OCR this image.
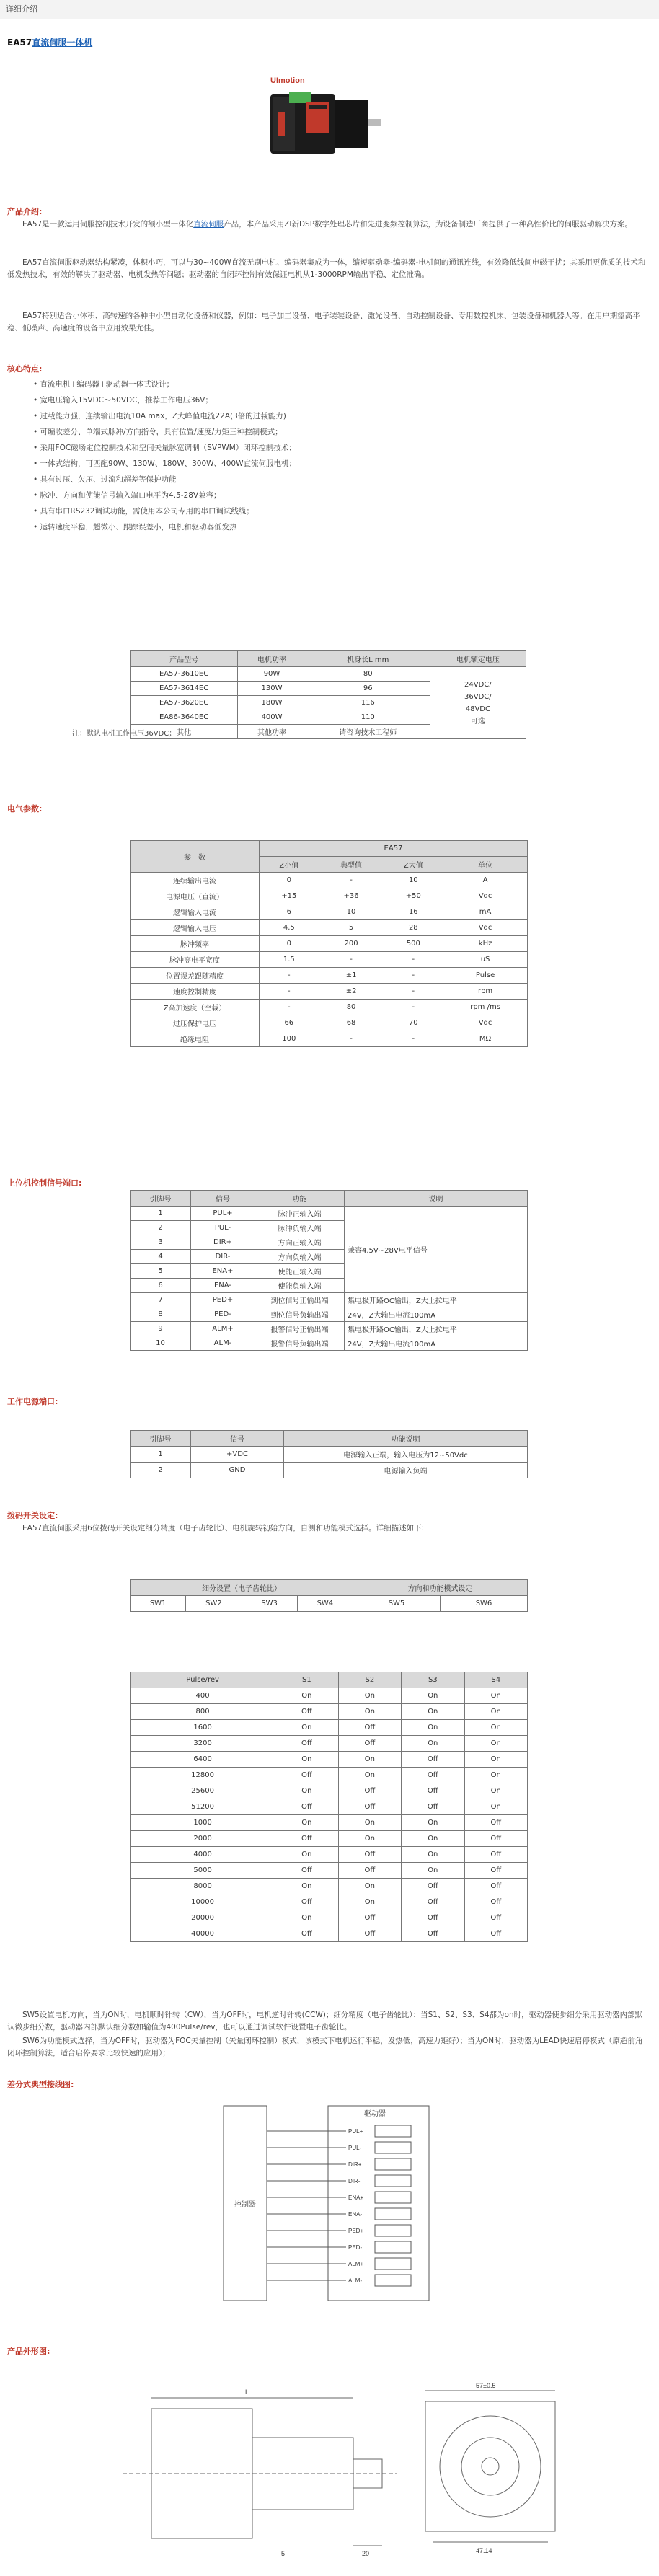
详细介绍
EA57直流伺服一体机
UImotion
产品介绍:
EA57是一款运用伺服控制技术开发的额小型一体化直流伺服产品，本产品采用ZI新DSP数字处理芯片和先进变频控制算法，为设备制造厂商提供了一种高性价比的伺服驱动解决方案。
EA57直流伺服驱动器结构紧凑，体积小巧，可以与30~400W直流无刷电机、编码器集成为一体，缩短驱动器-编码器-电机间的通讯连线，有效降低线间电磁干扰；其采用更优质的技术和低发热技术，有效的解决了驱动器、电机发热等问题；驱动器的自闭环控制有效保证电机从1-3000RPM输出平稳、定位准确。
EA57特别适合小体积、高转速的各种中小型自动化设备和仪器，例如：电子加工设备、电子装装设备、激光设备、自动控制设备、专用数控机床、包装设备和机器人等。在用户期望高平稳、低噪声、高速度的设备中应用效果尤佳。
核心特点:
• 直流电机+编码器+驱动器一体式设计；
• 宽电压输入15VDC～50VDC，推荐工作电压36V；
• 过载能力强，连续输出电流10A max，Z大峰值电流22A(3倍的过载能力)
• 可编收差分、单端式脉冲/方向指令，具有位置/速度/力矩三种控制模式；
• 采用FOC磁场定位控制技术和空间矢量脉宽调制（SVPWM）闭环控制技术；
• 一体式结构，可匹配90W、130W、180W、300W、400W直流伺服电机；
• 具有过压、欠压、过流和超差等保护功能
• 脉冲、方向和使能信号输入端口电平为4.5-28V兼容；
• 具有串口RS232调试功能，需使用本公司专用的串口调试线缆；
• 运转速度平稳，超微小、跟踪误差小，电机和驱动器低发热
产品型号	电机功率	机身长L mm	电机额定电压
EA57-3610EC	90W	80	24VDC/
36VDC/
48VDC
可选

EA57-3614EC	130W	96	
EA57-3620EC	180W	116	
EA86-3640EC	400W	110	
其他	其他功率	请咨询技术工程师	
注：默认电机工作电压36VDC；
电气参数:
参　数	EA57			
	Z小值	典型值	Z大值	单位
连续输出电流	0	-	10	A
电源电压（直流）	+15	+36	+50	Vdc
逻辑输入电流	6	10	16	mA
逻辑输入电压	4.5	5	28	Vdc
脉冲频率	0	200	500	kHz
脉冲高电平宽度	1.5	-	-	uS
位置误差跟随精度	-	±1	-	Pulse
速度控制精度	-	±2	-	rpm
Z高加速度（空载）	-	80	-	rpm /ms
过压保护电压	66	68	70	Vdc
绝缘电阻	100	-	-	MΩ
上位机控制信号端口:
引脚号	信号	功能	说明
1	PUL+	脉冲正输入端	兼容4.5V~28V电平信号
2	PUL-	脉冲负输入端	
3	DIR+	方向正输入端	
4	DIR-	方向负输入端	
5	ENA+	使能正输入端	
6	ENA-	使能负输入端	
7	PED+	到位信号正输出端	集电极开路OC输出，Z大上拉电平
8	PED-	到位信号负输出端	24V，Z大输出电流100mA
9	ALM+	报警信号正输出端	集电极开路OC输出，Z大上拉电平
10	ALM-	报警信号负输出端	24V，Z大输出电流100mA
工作电源端口:
引脚号	信号	功能说明
1	+VDC	电源输入正端，输入电压为12~50Vdc
2	GND	电源输入负端
拨码开关设定:
EA57直流伺服采用6位拨码开关设定细分精度（电子齿轮比）、电机旋转初始方向，自测和功能模式选择。详细描述如下:
细分设置（电子齿轮比）				方向和功能模式设定	
SW1	SW2	SW3	SW4	SW5	SW6
Pulse/rev	S1	S2	S3	S4
400	On	On	On	On
800	Off	On	On	On
1600	On	Off	On	On
3200	Off	Off	On	On
6400	On	On	Off	On
12800	Off	On	Off	On
25600	On	Off	Off	On
51200	Off	Off	Off	On
1000	On	On	On	Off
2000	Off	On	On	Off
4000	On	Off	On	Off
5000	Off	Off	On	Off
8000	On	On	Off	Off
10000	Off	On	Off	Off
20000	On	Off	Off	Off
40000	Off	Off	Off	Off
SW5设置电机方向，当为ON时，电机顺时针转（CW），当为OFF时，电机逆时针转(CCW)；细分精度（电子齿轮比）：当S1、S2、S3、S4都为on时，驱动器使步细分采用驱动器内部默认微步细分数，驱动器内部默认细分数如输值为400Pulse/rev，也可以通过调试软件设置电子齿轮比。
SW6为功能模式选择，当为OFF时，驱动器为FOC矢量控制（矢量闭环控制）模式，该模式下电机运行平稳，发热低，高速力矩好）；当为ON时，驱动器为LEAD快速启停模式（原超前角闭环控制算法，适合启停要求比较快速的应用）；
差分式典型接线图:
控制器
驱动器
PUL+
PUL-
DIR+
DIR-
ENA+
ENA-
PED+
PED-
ALM+
ALM-
产品外形图:
L
20
5
57±0.5
47.14
